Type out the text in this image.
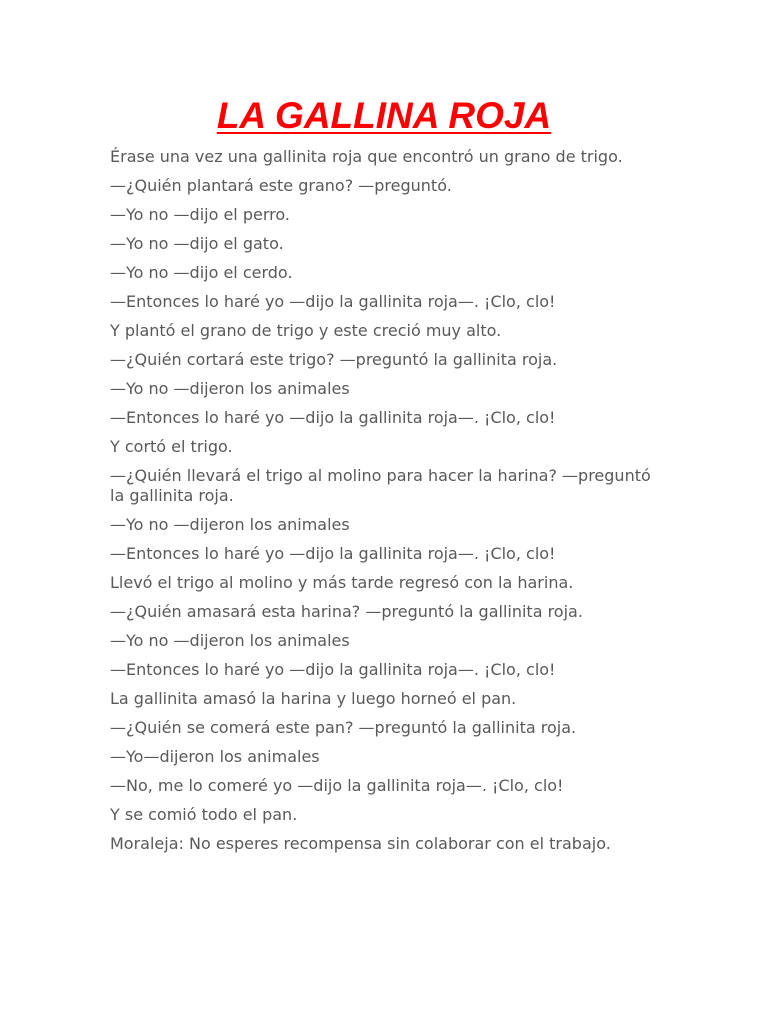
LA GALLINA ROJA

Érase una vez una gallinita roja que encontró un grano de trigo.

—¿Quién plantará este grano? —preguntó.

—Yo no —dijo el perro.

—Yo no —dijo el gato.

—Yo no —dijo el cerdo.

—Entonces lo haré yo —dijo la gallinita roja—. ¡Clo, clo!

Y plantó el grano de trigo y este creció muy alto.

—¿Quién cortará este trigo? —preguntó la gallinita roja.

—Yo no —dijeron los animales

—Entonces lo haré yo —dijo la gallinita roja—. ¡Clo, clo!

Y cortó el trigo.

—¿Quién llevará el trigo al molino para hacer la harina? —preguntó la gallinita roja.

—Yo no —dijeron los animales

—Entonces lo haré yo —dijo la gallinita roja—. ¡Clo, clo!

Llevó el trigo al molino y más tarde regresó con la harina.

—¿Quién amasará esta harina? —preguntó la gallinita roja.

—Yo no —dijeron los animales

—Entonces lo haré yo —dijo la gallinita roja—. ¡Clo, clo!

La gallinita amasó la harina y luego horneó el pan.

—¿Quién se comerá este pan? —preguntó la gallinita roja.

—Yo—dijeron los animales

—No, me lo comeré yo —dijo la gallinita roja—. ¡Clo, clo!

Y se comió todo el pan.

Moraleja: No esperes recompensa sin colaborar con el trabajo.
